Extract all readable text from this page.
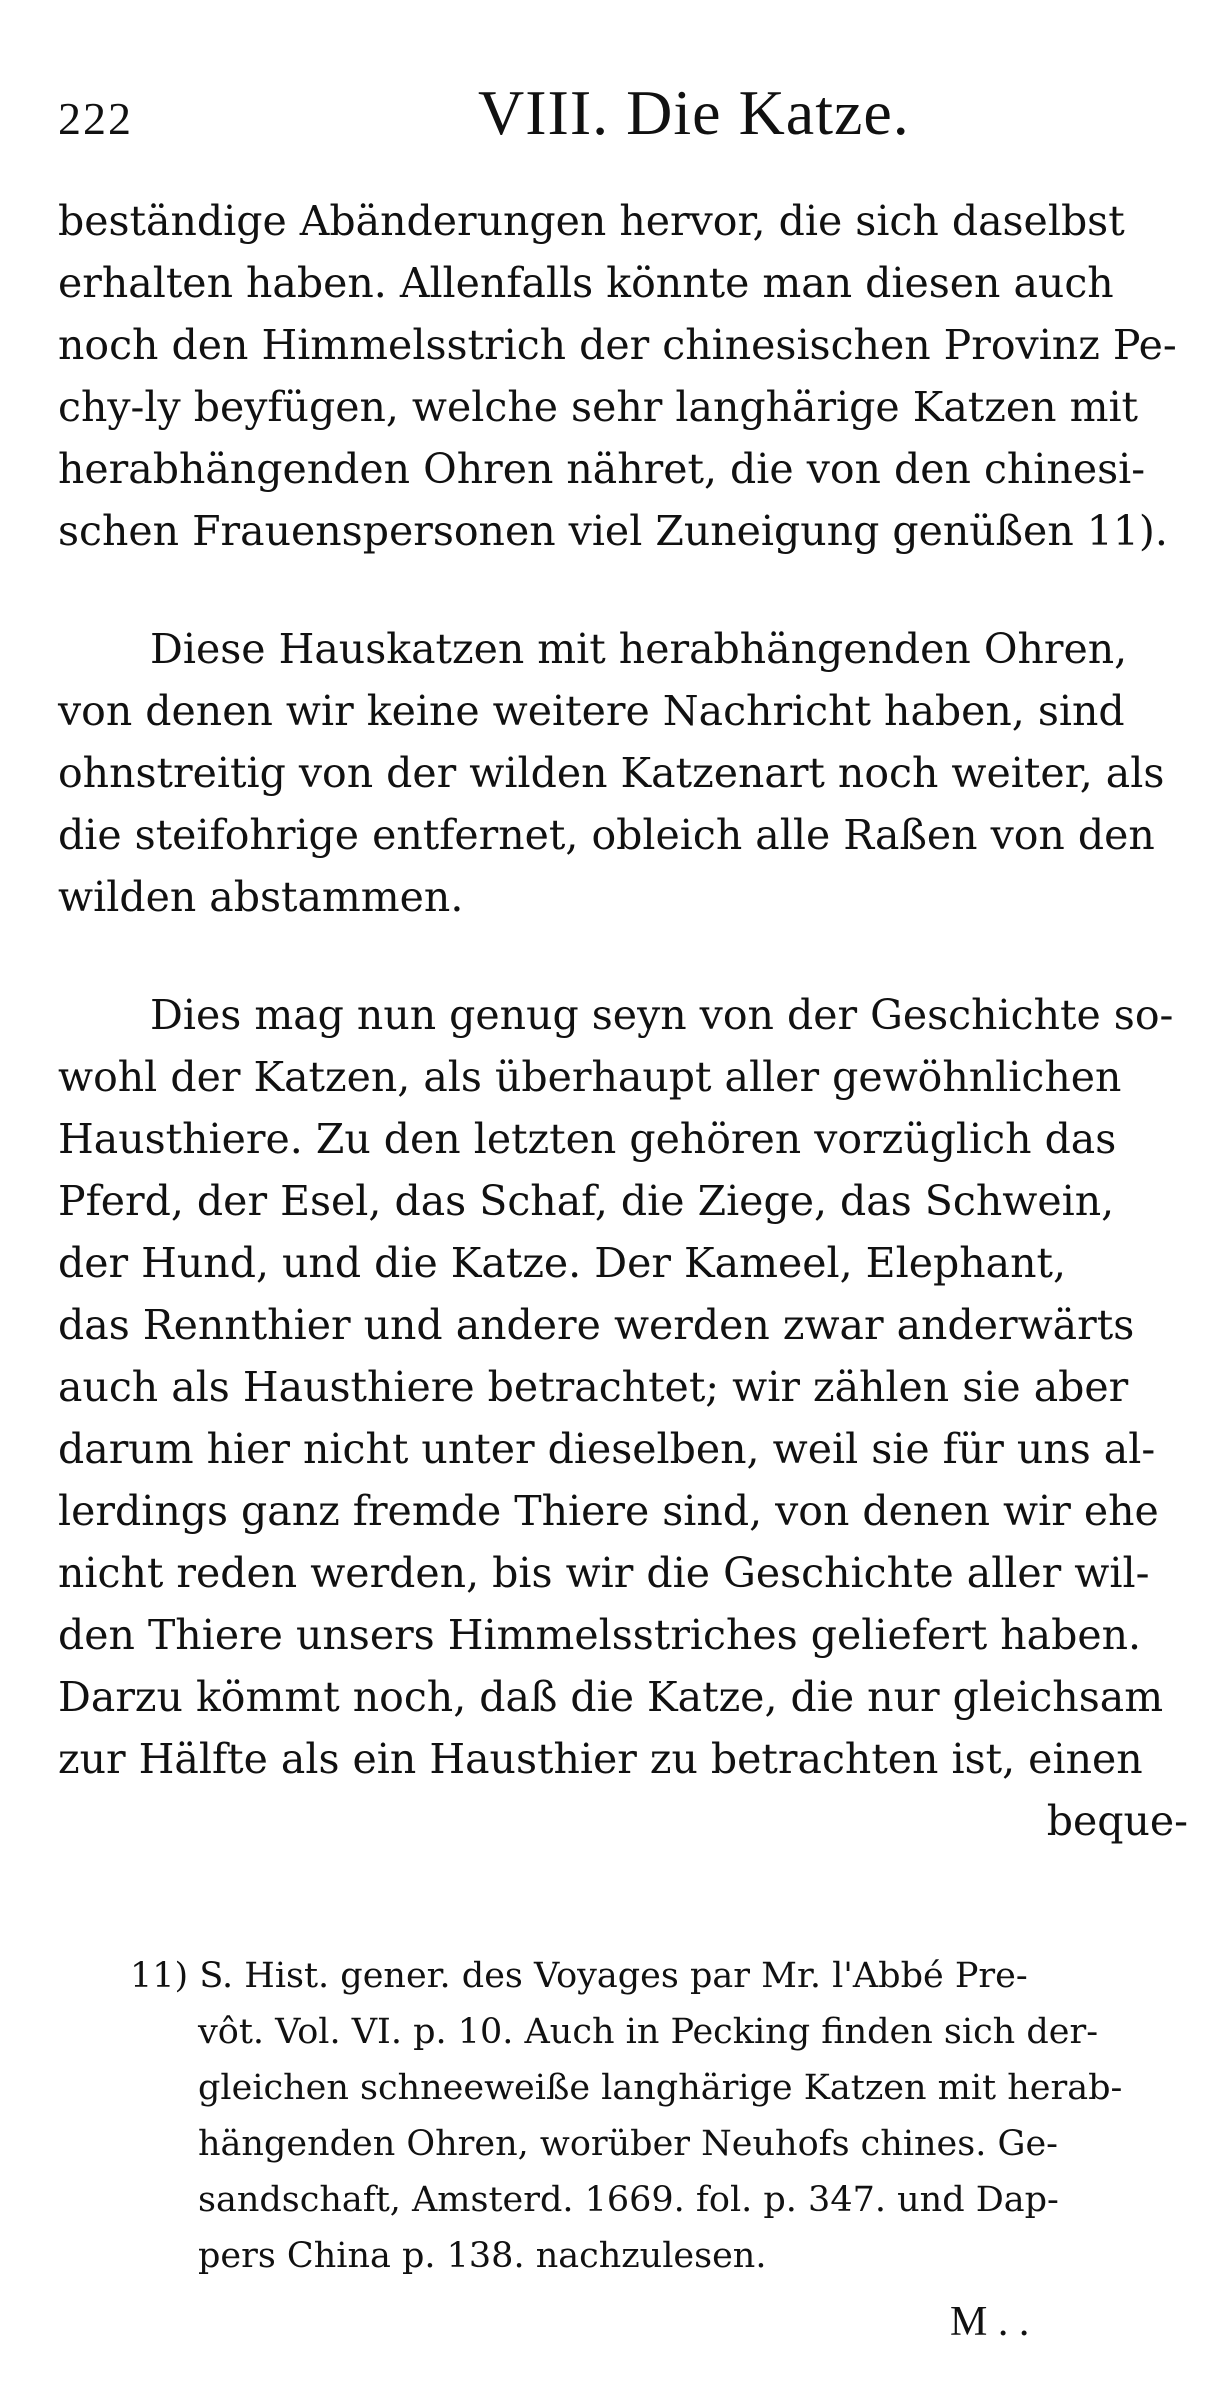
222	VIII. Die Katze.
beständige Abänderungen hervor, die sich daselbst
erhalten haben. Allenfalls könnte man diesen auch
noch den Himmelsstrich der chinesischen Provinz Pe-
chy-ly beyfügen, welche sehr langhärige Katzen mit
herabhängenden Ohren nähret, die von den chinesi-
schen Frauenspersonen viel Zuneigung genüßen 11).
Diese Hauskatzen mit herabhängenden Ohren,
von denen wir keine weitere Nachricht haben, sind
ohnstreitig von der wilden Katzenart noch weiter, als
die steifohrige entfernet, obleich alle Raßen von den
wilden abstammen.
Dies mag nun genug seyn von der Geschichte so-
wohl der Katzen, als überhaupt aller gewöhnlichen
Hausthiere. Zu den letzten gehören vorzüglich das
Pferd, der Esel, das Schaf, die Ziege, das Schwein,
der Hund, und die Katze. Der Kameel, Elephant,
das Rennthier und andere werden zwar anderwärts
auch als Hausthiere betrachtet; wir zählen sie aber
darum hier nicht unter dieselben, weil sie für uns al-
lerdings ganz fremde Thiere sind, von denen wir ehe
nicht reden werden, bis wir die Geschichte aller wil-
den Thiere unsers Himmelsstriches geliefert haben.
Darzu kömmt noch, daß die Katze, die nur gleichsam
zur Hälfte als ein Hausthier zu betrachten ist, einen
beque-
11) S. Hist. gener. des Voyages par Mr. l'Abbé Pre-
vôt. Vol. VI. p. 10. Auch in Pecking finden sich der-
gleichen schneeweiße langhärige Katzen mit herab-
hängenden Ohren, worüber Neuhofs chines. Ge-
sandschaft, Amsterd. 1669. fol. p. 347. und Dap-
pers China p. 138. nachzulesen.
M . .
